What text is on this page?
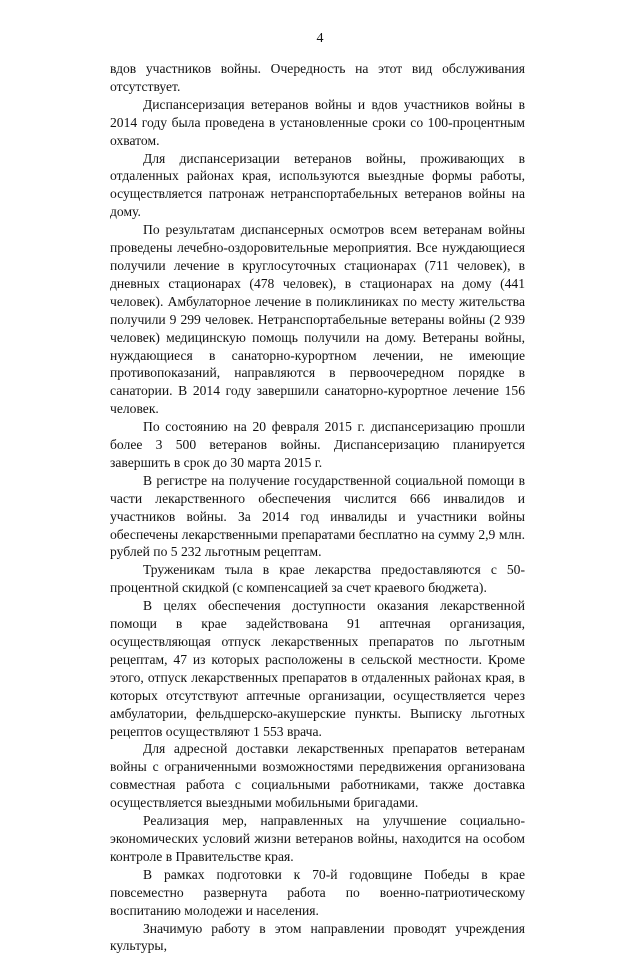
4

вдов участников войны. Очередность на этот вид обслуживания отсутствует.

Диспансеризация ветеранов войны и вдов участников войны в 2014 году была проведена в установленные сроки со 100-процентным охватом.

Для диспансеризации ветеранов войны, проживающих в отдаленных районах края, используются выездные формы работы, осуществляется патронаж нетранспортабельных ветеранов войны на дому.

По результатам диспансерных осмотров всем ветеранам войны проведены лечебно-оздоровительные мероприятия. Все нуждающиеся получили лечение в круглосуточных стационарах (711 человек), в дневных стационарах (478 человек), в стационарах на дому (441 человек). Амбулаторное лечение в поликлиниках по месту жительства получили 9 299 человек. Нетранспортабельные ветераны войны (2 939 человек) медицинскую помощь получили на дому. Ветераны войны, нуждающиеся в санаторно-курортном лечении, не имеющие противопоказаний, направляются в первоочередном порядке в санатории. В 2014 году завершили санаторно-курортное лечение 156 человек.

По состоянию на 20 февраля 2015 г. диспансеризацию прошли более 3 500 ветеранов войны. Диспансеризацию планируется завершить в срок до 30 марта 2015 г.

В регистре на получение государственной социальной помощи в части лекарственного обеспечения числится 666 инвалидов и участников войны. За 2014 год инвалиды и участники войны обеспечены лекарственными препаратами бесплатно на сумму 2,9 млн. рублей по 5 232 льготным рецептам.

Труженикам тыла в крае лекарства предоставляются с 50-процентной скидкой (с компенсацией за счет краевого бюджета).

В целях обеспечения доступности оказания лекарственной помощи в крае задействована 91 аптечная организация, осуществляющая отпуск лекарственных препаратов по льготным рецептам, 47 из которых расположены в сельской местности. Кроме этого, отпуск лекарственных препаратов в отдаленных районах края, в которых отсутствуют аптечные организации, осуществляется через амбулатории, фельдшерско-акушерские пункты. Выписку льготных рецептов осуществляют 1 553 врача.

Для адресной доставки лекарственных препаратов ветеранам войны с ограниченными возможностями передвижения организована совместная работа с социальными работниками, также доставка осуществляется выездными мобильными бригадами.

Реализация мер, направленных на улучшение социально-экономических условий жизни ветеранов войны, находится на особом контроле в Правительстве края.

В рамках подготовки к 70-й годовщине Победы в крае повсеместно развернута работа по военно-патриотическому воспитанию молодежи и населения.

Значимую работу в этом направлении проводят учреждения культуры,
